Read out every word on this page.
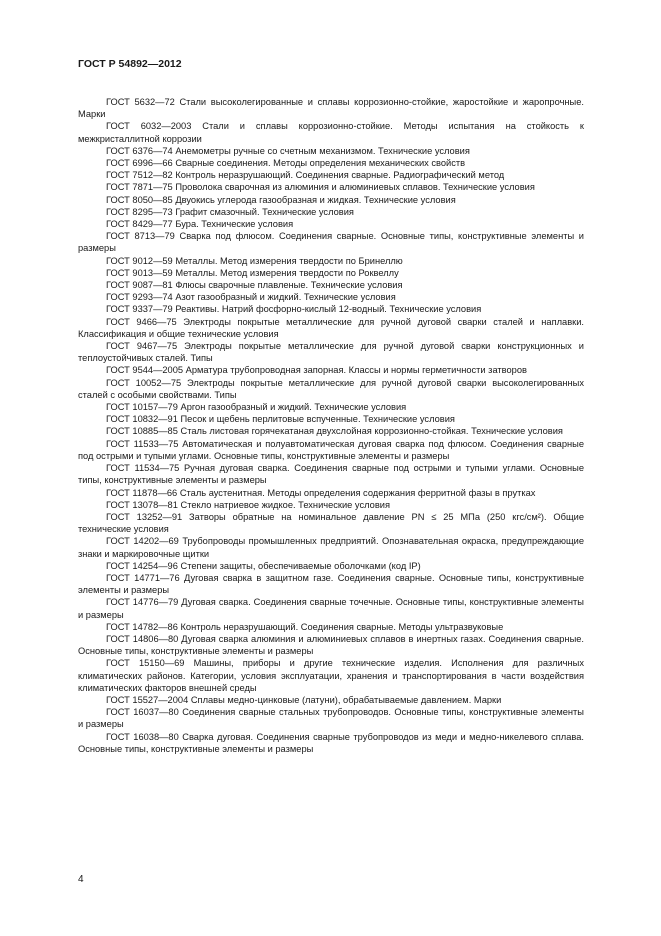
ГОСТ Р 54892—2012

ГОСТ 5632—72 Стали высоколегированные и сплавы коррозионно-стойкие, жаростойкие и жаропрочные. Марки

ГОСТ 6032—2003 Стали и сплавы коррозионно-стойкие. Методы испытания на стойкость к межкристаллитной коррозии

ГОСТ 6376—74 Анемометры ручные со счетным механизмом. Технические условия

ГОСТ 6996—66 Сварные соединения. Методы определения механических свойств

ГОСТ 7512—82 Контроль неразрушающий. Соединения сварные. Радиографический метод

ГОСТ 7871—75 Проволока сварочная из алюминия и алюминиевых сплавов. Технические условия

ГОСТ 8050—85 Двуокись углерода газообразная и жидкая. Технические условия

ГОСТ 8295—73 Графит смазочный. Технические условия

ГОСТ 8429—77 Бура. Технические условия

ГОСТ 8713—79 Сварка под флюсом. Соединения сварные. Основные типы, конструктивные элементы и размеры

ГОСТ 9012—59 Металлы. Метод измерения твердости по Бринеллю

ГОСТ 9013—59 Металлы. Метод измерения твердости по Роквеллу

ГОСТ 9087—81 Флюсы сварочные плавленые. Технические условия

ГОСТ 9293—74 Азот газообразный и жидкий. Технические условия

ГОСТ 9337—79 Реактивы. Натрий фосфорно-кислый 12-водный. Технические условия

ГОСТ 9466—75 Электроды покрытые металлические для ручной дуговой сварки сталей и наплавки. Классификация и общие технические условия

ГОСТ 9467—75 Электроды покрытые металлические для ручной дуговой сварки конструкционных и теплоустойчивых сталей. Типы

ГОСТ 9544—2005 Арматура трубопроводная запорная. Классы и нормы герметичности затворов

ГОСТ 10052—75 Электроды покрытые металлические для ручной дуговой сварки высоколегированных сталей с особыми свойствами. Типы

ГОСТ 10157—79 Аргон газообразный и жидкий. Технические условия

ГОСТ 10832—91 Песок и щебень перлитовые вспученные. Технические условия

ГОСТ 10885—85 Сталь листовая горячекатаная двухслойная коррозионно-стойкая. Технические условия

ГОСТ 11533—75 Автоматическая и полуавтоматическая дуговая сварка под флюсом. Соединения сварные под острыми и тупыми углами. Основные типы, конструктивные элементы и размеры

ГОСТ 11534—75 Ручная дуговая сварка. Соединения сварные под острыми и тупыми углами. Основные типы, конструктивные элементы и размеры

ГОСТ 11878—66 Сталь аустенитная. Методы определения содержания ферритной фазы в прутках

ГОСТ 13078—81 Стекло натриевое жидкое. Технические условия

ГОСТ 13252—91 Затворы обратные на номинальное давление PN ≤ 25 МПа (250 кгс/см²). Общие технические условия

ГОСТ 14202—69 Трубопроводы промышленных предприятий. Опознавательная окраска, предупреждающие знаки и маркировочные щитки

ГОСТ 14254—96 Степени защиты, обеспечиваемые оболочками (код IP)

ГОСТ 14771—76 Дуговая сварка в защитном газе. Соединения сварные. Основные типы, конструктивные элементы и размеры

ГОСТ 14776—79 Дуговая сварка. Соединения сварные точечные. Основные типы, конструктивные элементы и размеры

ГОСТ 14782—86 Контроль неразрушающий. Соединения сварные. Методы ультразвуковые

ГОСТ 14806—80 Дуговая сварка алюминия и алюминиевых сплавов в инертных газах. Соединения сварные. Основные типы, конструктивные элементы и размеры

ГОСТ 15150—69 Машины, приборы и другие технические изделия. Исполнения для различных климатических районов. Категории, условия эксплуатации, хранения и транспортирования в части воздействия климатических факторов внешней среды

ГОСТ 15527—2004 Сплавы медно-цинковые (латуни), обрабатываемые давлением. Марки

ГОСТ 16037—80 Соединения сварные стальных трубопроводов. Основные типы, конструктивные элементы и размеры

ГОСТ 16038—80 Сварка дуговая. Соединения сварные трубопроводов из меди и медно-никелевого сплава. Основные типы, конструктивные элементы и размеры

4
